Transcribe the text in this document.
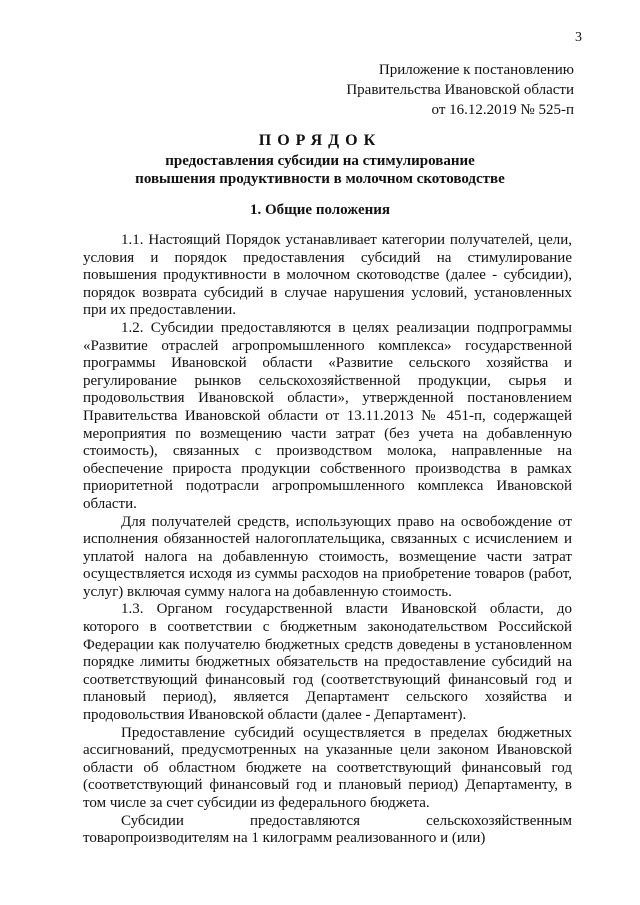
3
Приложение к постановлению
Правительства Ивановской области
от 16.12.2019 № 525-п
ПОРЯДОК
предоставления субсидии на стимулирование
повышения продуктивности в молочном скотоводстве
1. Общие положения

1.1. Настоящий Порядок устанавливает категории получателей, цели, условия и порядок предоставления субсидий на стимулирование повышения продуктивности в молочном скотоводстве (далее - субсидии), порядок возврата субсидий в случае нарушения условий, установленных при их предоставлении.

1.2. Субсидии предоставляются в целях реализации подпрограммы «Развитие отраслей агропромышленного комплекса» государственной программы Ивановской области «Развитие сельского хозяйства и регулирование рынков сельскохозяйственной продукции, сырья и продовольствия Ивановской области», утвержденной постановлением Правительства Ивановской области от 13.11.2013 № 451-п, содержащей мероприятия по возмещению части затрат (без учета на добавленную стоимость), связанных с производством молока, направленные на обеспечение прироста продукции собственного производства в рамках приоритетной подотрасли агропромышленного комплекса Ивановской области.

Для получателей средств, использующих право на освобождение от исполнения обязанностей налогоплательщика, связанных с исчислением и уплатой налога на добавленную стоимость, возмещение части затрат осуществляется исходя из суммы расходов на приобретение товаров (работ, услуг) включая сумму налога на добавленную стоимость.

1.3. Органом государственной власти Ивановской области, до которого в соответствии с бюджетным законодательством Российской Федерации как получателю бюджетных средств доведены в установленном порядке лимиты бюджетных обязательств на предоставление субсидий на соответствующий финансовый год (соответствующий финансовый год и плановый период), является Департамент сельского хозяйства и продовольствия Ивановской области (далее - Департамент).

Предоставление субсидий осуществляется в пределах бюджетных ассигнований, предусмотренных на указанные цели законом Ивановской области об областном бюджете на соответствующий финансовый год (соответствующий финансовый год и плановый период) Департаменту, в том числе за счет субсидии из федерального бюджета.

Субсидии предоставляются сельскохозяйственным товаропроизводителям на 1 килограмм реализованного и (или)
